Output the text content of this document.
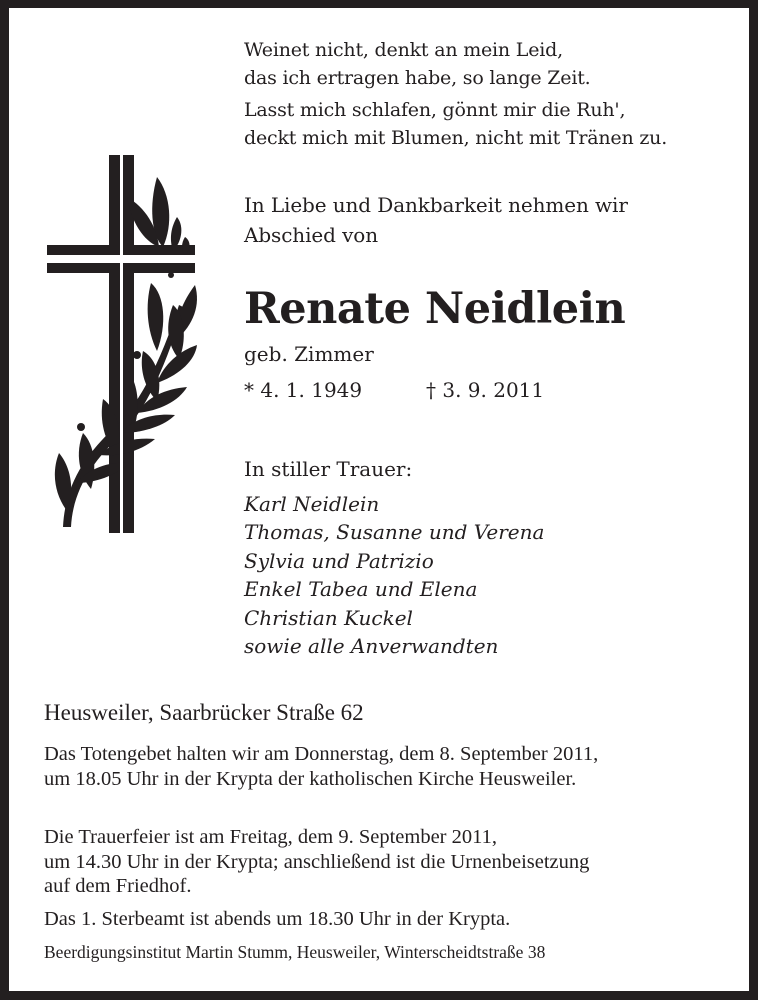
Weinet nicht, denkt an mein Leid,
das ich ertragen habe, so lange Zeit.
Lasst mich schlafen, gönnt mir die Ruh',
deckt mich mit Blumen, nicht mit Tränen zu.
In Liebe und Dankbarkeit nehmen wir
Abschied von
Renate Neidlein
geb. Zimmer
* 4. 1. 1949	† 3. 9. 2011
In stiller Trauer:
Karl Neidlein
Thomas, Susanne und Verena
Sylvia und Patrizio
Enkel Tabea und Elena
Christian Kuckel
sowie alle Anverwandten
Heusweiler, Saarbrücker Straße 62
Das Totengebet halten wir am Donnerstag, dem 8. September 2011,
um 18.05 Uhr in der Krypta der katholischen Kirche Heusweiler.
Die Trauerfeier ist am Freitag, dem 9. September 2011,
um 14.30 Uhr in der Krypta; anschließend ist die Urnenbeisetzung
auf dem Friedhof.
Das 1. Sterbeamt ist abends um 18.30 Uhr in der Krypta.
Beerdigungsinstitut Martin Stumm, Heusweiler, Winterscheidtstraße 38
